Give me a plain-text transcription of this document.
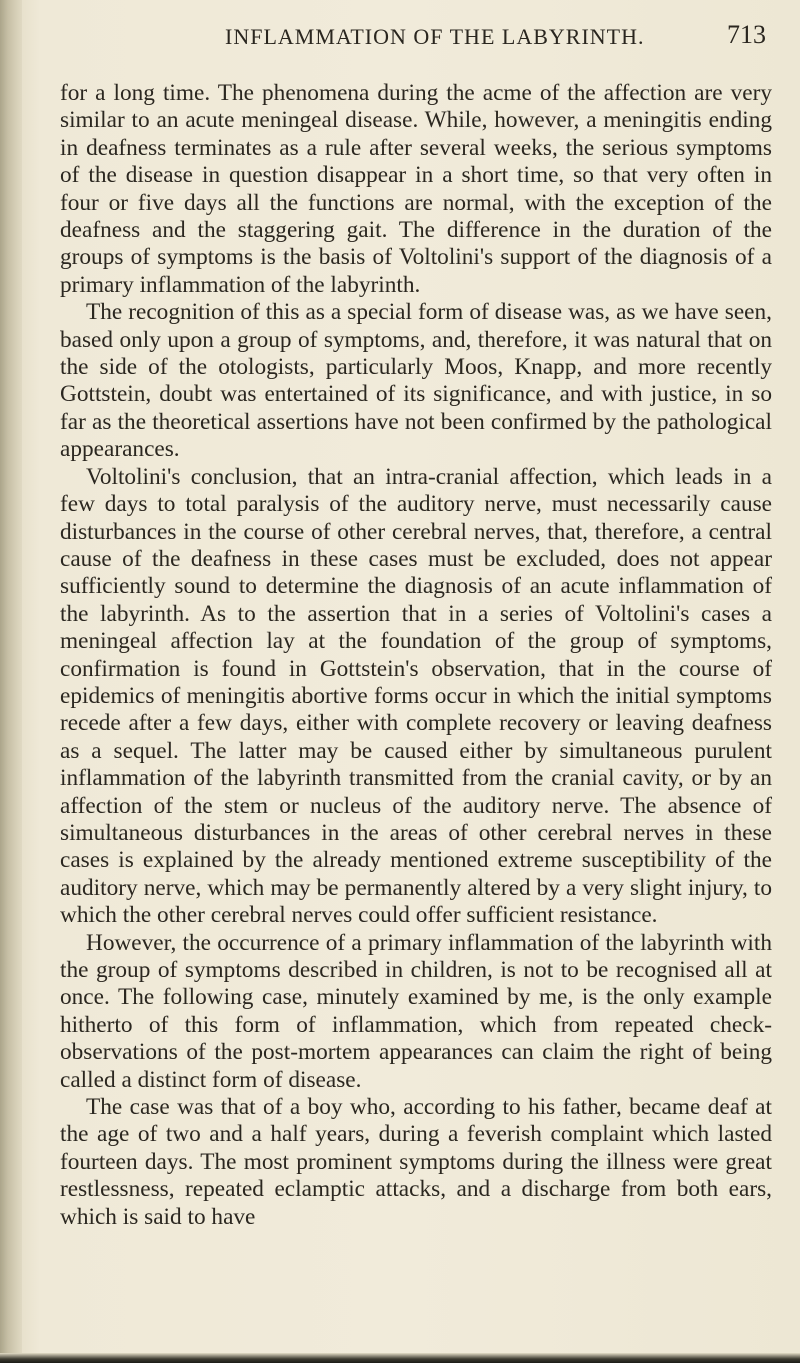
INFLAMMATION OF THE LABYRINTH.	713

for a long time. The phenomena during the acme of the affection are very similar to an acute meningeal disease. While, however, a meningitis ending in deafness terminates as a rule after several weeks, the serious symptoms of the disease in question disappear in a short time, so that very often in four or five days all the functions are normal, with the exception of the deafness and the staggering gait. The difference in the duration of the groups of symptoms is the basis of Voltolini's support of the diagnosis of a primary inflammation of the labyrinth.

The recognition of this as a special form of disease was, as we have seen, based only upon a group of symptoms, and, therefore, it was natural that on the side of the otologists, particularly Moos, Knapp, and more recently Gottstein, doubt was entertained of its significance, and with justice, in so far as the theoretical assertions have not been confirmed by the pathological appearances.

Voltolini's conclusion, that an intra-cranial affection, which leads in a few days to total paralysis of the auditory nerve, must necessarily cause disturbances in the course of other cerebral nerves, that, therefore, a central cause of the deafness in these cases must be excluded, does not appear sufficiently sound to determine the diagnosis of an acute inflammation of the labyrinth. As to the assertion that in a series of Voltolini's cases a meningeal affection lay at the foundation of the group of symptoms, confirmation is found in Gottstein's observation, that in the course of epidemics of meningitis abortive forms occur in which the initial symptoms recede after a few days, either with complete recovery or leaving deafness as a sequel. The latter may be caused either by simultaneous purulent inflammation of the labyrinth transmitted from the cranial cavity, or by an affection of the stem or nucleus of the auditory nerve. The absence of simultaneous disturbances in the areas of other cerebral nerves in these cases is explained by the already mentioned extreme susceptibility of the auditory nerve, which may be permanently altered by a very slight injury, to which the other cerebral nerves could offer sufficient resistance.

However, the occurrence of a primary inflammation of the labyrinth with the group of symptoms described in children, is not to be recognised all at once. The following case, minutely examined by me, is the only example hitherto of this form of inflammation, which from repeated check-observations of the post-mortem appearances can claim the right of being called a distinct form of disease.

The case was that of a boy who, according to his father, became deaf at the age of two and a half years, during a feverish complaint which lasted fourteen days. The most prominent symptoms during the illness were great restlessness, repeated eclamptic attacks, and a discharge from both ears, which is said to have
